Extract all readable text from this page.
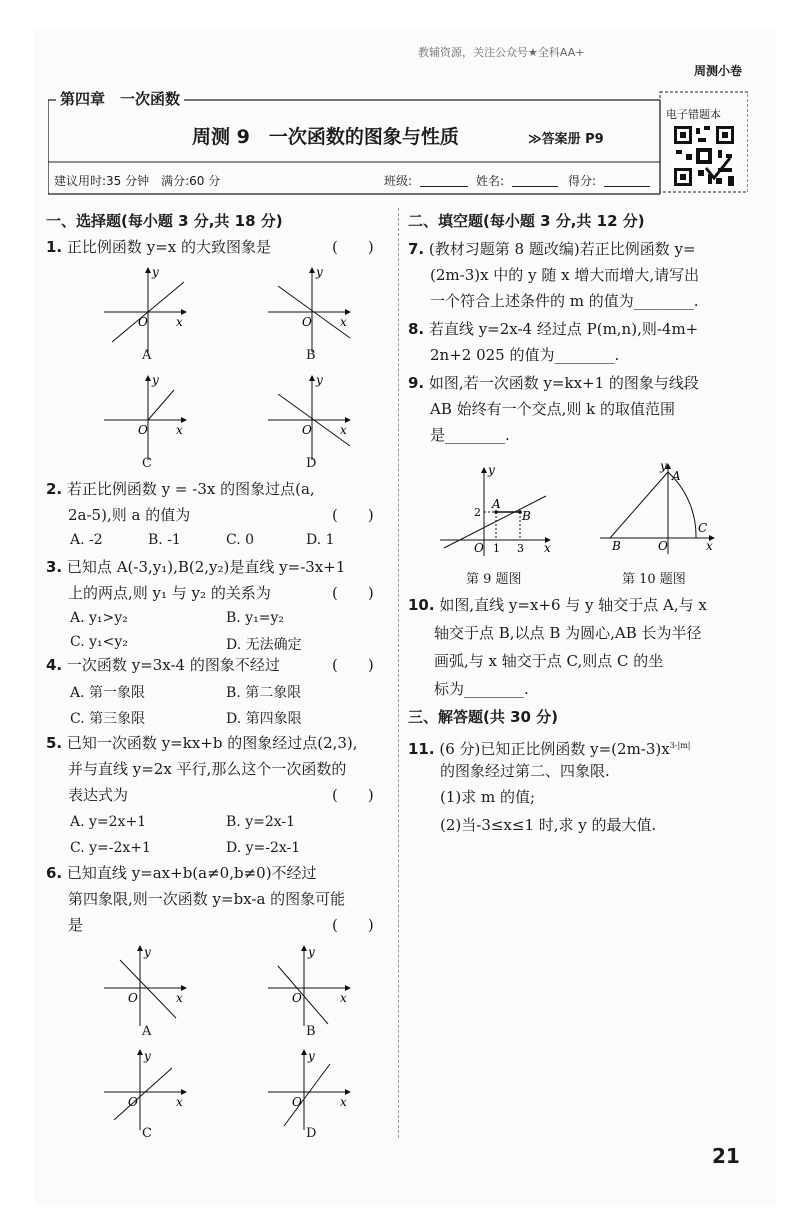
教辅资源，关注公众号★全科AA+
周测小卷
第四章　 一次函数
周测 9　一次函数的图象与性质	≫答案册 P9
电子错题本
建议用时:35 分钟　满分:60 分	班级:	姓名:	得分:
一、选择题(每小题 3 分,共 18 分)
1. 正比例函数 y=x 的大致图象是	(　　)
y
x
O
y
x
O
y
x
O
y
x
O
A	B
C	D
2. 若正比例函数 y = -3x 的图象过点(a,
2a-5),则 a 的值为	(　　)
A. -2	B. -1	C. 0	D. 1
3. 已知点 A(-3,y₁),B(2,y₂)是直线 y=-3x+1
上的两点,则 y₁ 与 y₂ 的关系为	(　　)
A. y₁>y₂	B. y₁=y₂
C. y₁<y₂	D. 无法确定
4. 一次函数 y=3x-4 的图象不经过	(　　)
A. 第一象限	B. 第二象限
C. 第三象限	D. 第四象限
5. 已知一次函数 y=kx+b 的图象经过点(2,3),
并与直线 y=2x 平行,那么这个一次函数的
表达式为	(　　)
A. y=2x+1	B. y=2x-1
C. y=-2x+1	D. y=-2x-1
6. 已知直线 y=ax+b(a≠0,b≠0)不经过
第四象限,则一次函数 y=bx-a 的图象可能
是	(　　)
y
x
O
y
x
O
y
x
O
y
x
O
A	B
C	D
二、填空题(每小题 3 分,共 12 分)
7. (教材习题第 8 题改编)若正比例函数 y=
(2m-3)x 中的 y 随 x 增大而增大,请写出
一个符合上述条件的 m 的值为________.
8. 若直线 y=2x-4 经过点 P(m,n),则-4m+
2n+2 025 的值为________.
9. 如图,若一次函数 y=kx+1 的图象与线段
AB 始终有一个交点,则 k 的取值范围
是________.
y
x
O
A
B
2
1 3
第 9 题图
y
x
O
A
B
C
第 10 题图
10. 如图,直线 y=x+6 与 y 轴交于点 A,与 x
轴交于点 B,以点 B 为圆心,AB 长为半径
画弧,与 x 轴交于点 C,则点 C 的坐
标为________.
三、解答题(共 30 分)
11. (6 分)已知正比例函数 $y=(2m-3)x^{3-|m|}$
的图象经过第二、四象限.
(1)求 m 的值;
(2)当-3≤x≤1 时,求 y 的最大值.
21
